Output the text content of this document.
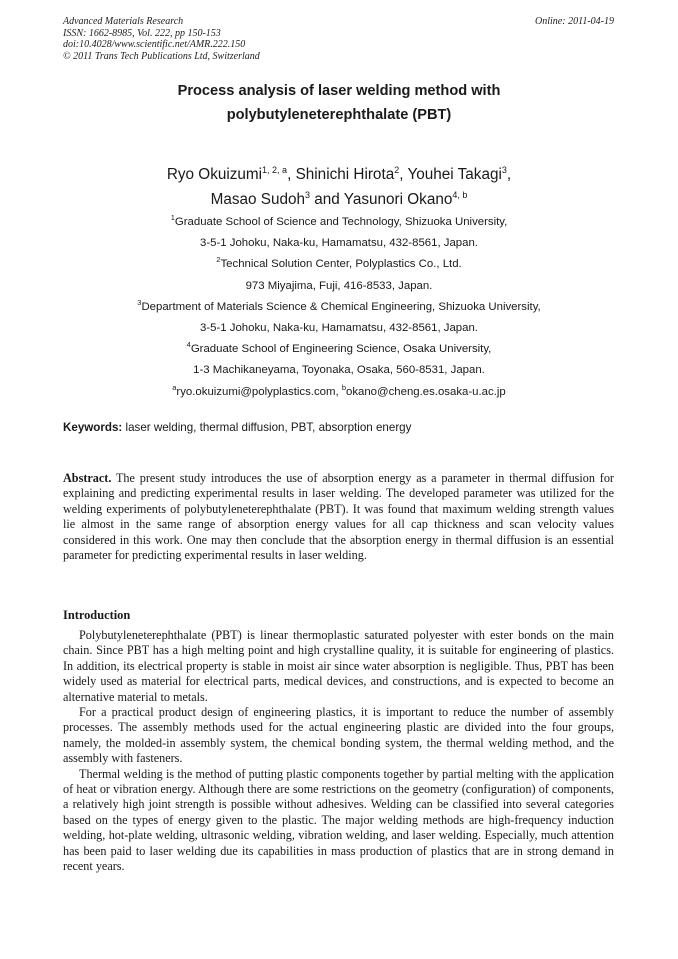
Advanced Materials Research
ISSN: 1662-8985, Vol. 222, pp 150-153
doi:10.4028/www.scientific.net/AMR.222.150
© 2011 Trans Tech Publications Ltd, Switzerland
Online: 2011-04-19
Process analysis of laser welding method with
polybutyleneterephthalate (PBT)
Ryo Okuizumi$^{1, 2, a}$, Shinichi Hirota$^2$, Youhei Takagi$^3$,
Masao Sudoh$^3$ and Yasunori Okano$^{4, b}$
$^1$Graduate School of Science and Technology, Shizuoka University,
3-5-1 Johoku, Naka-ku, Hamamatsu, 432-8561, Japan.
$^2$Technical Solution Center, Polyplastics Co., Ltd.
973 Miyajima, Fuji, 416-8533, Japan.
$^3$Department of Materials Science & Chemical Engineering, Shizuoka University,
3-5-1 Johoku, Naka-ku, Hamamatsu, 432-8561, Japan.
$^4$Graduate School of Engineering Science, Osaka University,
1-3 Machikaneyama, Toyonaka, Osaka, 560-8531, Japan.
$^a$ryo.okuizumi@polyplastics.com, $^b$okano@cheng.es.osaka-u.ac.jp
Keywords: laser welding, thermal diffusion, PBT, absorption energy

Abstract. The present study introduces the use of absorption energy as a parameter in thermal diffusion for explaining and predicting experimental results in laser welding. The developed parameter was utilized for the welding experiments of polybutyleneterephthalate (PBT). It was found that maximum welding strength values lie almost in the same range of absorption energy values for all cap thickness and scan velocity values considered in this work. One may then conclude that the absorption energy in thermal diffusion is an essential parameter for predicting experimental results in laser welding.

Introduction

Polybutyleneterephthalate (PBT) is linear thermoplastic saturated polyester with ester bonds on the main chain. Since PBT has a high melting point and high crystalline quality, it is suitable for engineering of plastics. In addition, its electrical property is stable in moist air since water absorption is negligible. Thus, PBT has been widely used as material for electrical parts, medical devices, and constructions, and is expected to become an alternative material to metals.

For a practical product design of engineering plastics, it is important to reduce the number of assembly processes. The assembly methods used for the actual engineering plastic are divided into the four groups, namely, the molded-in assembly system, the chemical bonding system, the thermal welding method, and the assembly with fasteners.

Thermal welding is the method of putting plastic components together by partial melting with the application of heat or vibration energy. Although there are some restrictions on the geometry (configuration) of components, a relatively high joint strength is possible without adhesives. Welding can be classified into several categories based on the types of energy given to the plastic. The major welding methods are high-frequency induction welding, hot-plate welding, ultrasonic welding, vibration welding, and laser welding. Especially, much attention has been paid to laser welding due its capabilities in mass production of plastics that are in strong demand in recent years.
